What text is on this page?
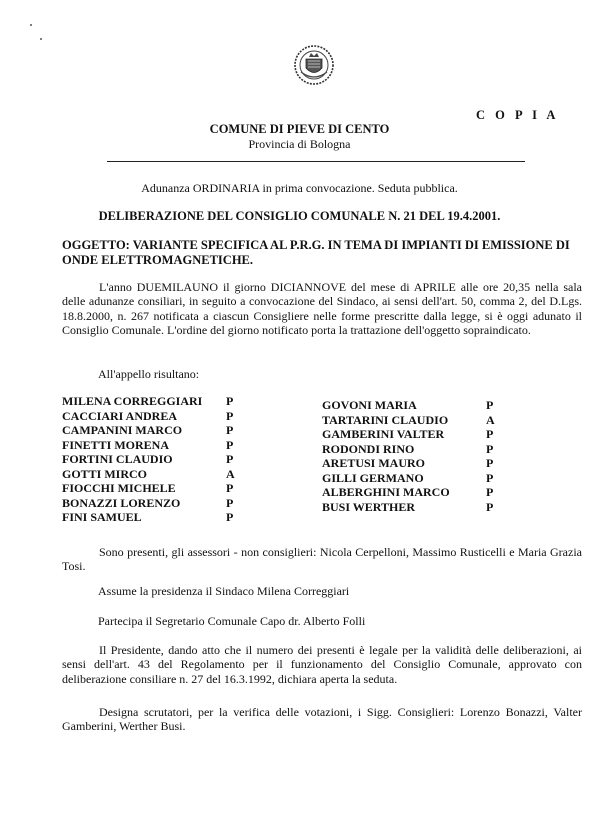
C O P I A
COMUNE DI PIEVE DI CENTO
Provincia di Bologna
Adunanza ORDINARIA in prima convocazione. Seduta pubblica.
DELIBERAZIONE DEL CONSIGLIO COMUNALE N. 21 DEL 19.4.2001.
OGGETTO: VARIANTE SPECIFICA AL P.R.G. IN TEMA DI IMPIANTI DI EMISSIONE DI ONDE ELETTROMAGNETICHE.
L'anno DUEMILAUNO il giorno DICIANNOVE del mese di APRILE alle ore 20,35 nella sala delle adunanze consiliari, in seguito a convocazione del Sindaco, ai sensi dell'art. 50, comma 2, del D.Lgs. 18.8.2000, n. 267 notificata a ciascun Consigliere nelle forme prescritte dalla legge, si è oggi adunato il Consiglio Comunale. L'ordine del giorno notificato porta la trattazione dell'oggetto sopraindicato.
All'appello risultano:
MILENA CORREGGIARI	P
CACCIARI ANDREA	P
CAMPANINI MARCO	P
FINETTI MORENA	P
FORTINI CLAUDIO	P
GOTTI MIRCO	A
FIOCCHI MICHELE	P
BONAZZI LORENZO	P
FINI SAMUEL	P
GOVONI MARIA	P
TARTARINI CLAUDIO	A
GAMBERINI VALTER	P
RODONDI RINO	P
ARETUSI MAURO	P
GILLI GERMANO	P
ALBERGHINI MARCO	P
BUSI WERTHER	P
Sono presenti, gli assessori - non consiglieri: Nicola Cerpelloni, Massimo Rusticelli e Maria Grazia Tosi.
Assume la presidenza il Sindaco Milena Correggiari
Partecipa il Segretario Comunale Capo dr. Alberto Folli
Il Presidente, dando atto che il numero dei presenti è legale per la validità delle deliberazioni, ai sensi dell'art. 43 del Regolamento per il funzionamento del Consiglio Comunale, approvato con deliberazione consiliare n. 27 del 16.3.1992, dichiara aperta la seduta.
Designa scrutatori, per la verifica delle votazioni, i Sigg. Consiglieri: Lorenzo Bonazzi, Valter Gamberini, Werther Busi.
